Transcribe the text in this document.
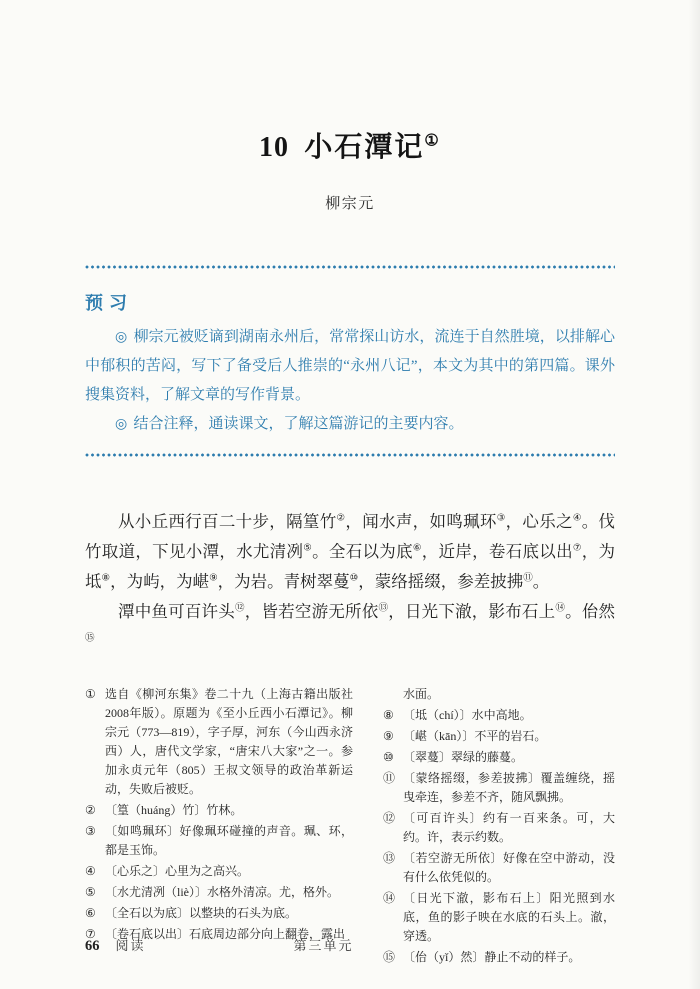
10 小石潭记①
柳宗元
预习

◎ 柳宗元被贬谪到湖南永州后，常常探山访水，流连于自然胜境，以排解心中郁积的苦闷，写下了备受后人推崇的“永州八记”，本文为其中的第四篇。课外搜集资料，了解文章的写作背景。

◎ 结合注释，通读课文，了解这篇游记的主要内容。

从小丘西行百二十步，隔篁竹②，闻水声，如鸣珮环③，心乐之④。伐竹取道，下见小潭，水尤清冽⑤。全石以为底⑥，近岸，卷石底以出⑦，为坻⑧，为屿，为嵁⑨，为岩。青树翠蔓⑩，蒙络摇缀，参差披拂⑪。

潭中鱼可百许头⑫，皆若空游无所依⑬，日光下澈，影布石上⑭。佁然⑮

① 选自《柳河东集》卷二十九（上海古籍出版社2008年版）。原题为《至小丘西小石潭记》。柳宗元（773—819），字子厚，河东（今山西永济西）人，唐代文学家，“唐宋八大家”之一。参加永贞元年（805）王叔文领导的政治革新运动，失败后被贬。
② 〔篁（huáng）竹〕竹林。
③ 〔如鸣珮环〕好像珮环碰撞的声音。珮、环，都是玉饰。
④ 〔心乐之〕心里为之高兴。
⑤ 〔水尤清冽（liè）〕水格外清凉。尤，格外。
⑥ 〔全石以为底〕以整块的石头为底。
⑦ 〔卷石底以出〕石底周边部分向上翻卷，露出
水面。
⑧ 〔坻（chí）〕水中高地。
⑨ 〔嵁（kān）〕不平的岩石。
⑩ 〔翠蔓〕翠绿的藤蔓。
⑪ 〔蒙络摇缀，参差披拂〕覆盖缠绕，摇曳牵连，参差不齐，随风飘拂。
⑫ 〔可百许头〕约有一百来条。可，大约。许，表示约数。
⑬ 〔若空游无所依〕好像在空中游动，没有什么依凭似的。
⑭ 〔日光下澈，影布石上〕阳光照到水底，鱼的影子映在水底的石头上。澈，穿透。
⑮ 〔佁（yǐ）然〕静止不动的样子。
66 阅读	第三单元
